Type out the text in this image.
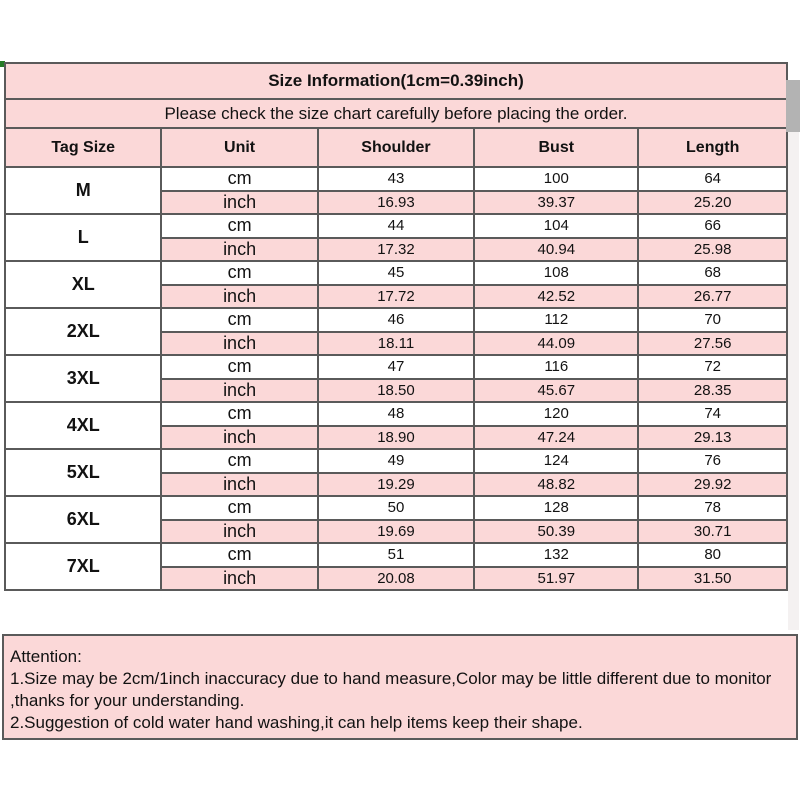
Size Information(1cm=0.39inch)				
Please check the size chart carefully before placing the order.				
Tag Size	Unit	Shoulder	Bust	Length
M	cm	43	100	64
	inch	16.93	39.37	25.20
L	cm	44	104	66
	inch	17.32	40.94	25.98
XL	cm	45	108	68
	inch	17.72	42.52	26.77
2XL	cm	46	112	70
	inch	18.11	44.09	27.56
3XL	cm	47	116	72
	inch	18.50	45.67	28.35
4XL	cm	48	120	74
	inch	18.90	47.24	29.13
5XL	cm	49	124	76
	inch	19.29	48.82	29.92
6XL	cm	50	128	78
	inch	19.69	50.39	30.71
7XL	cm	51	132	80
	inch	20.08	51.97	31.50
Attention:
1.Size may be 2cm/1inch inaccuracy due to hand measure,Color may be little different due to monitor
,thanks for your understanding.
2.Suggestion of cold water hand washing,it can help items keep their shape.
